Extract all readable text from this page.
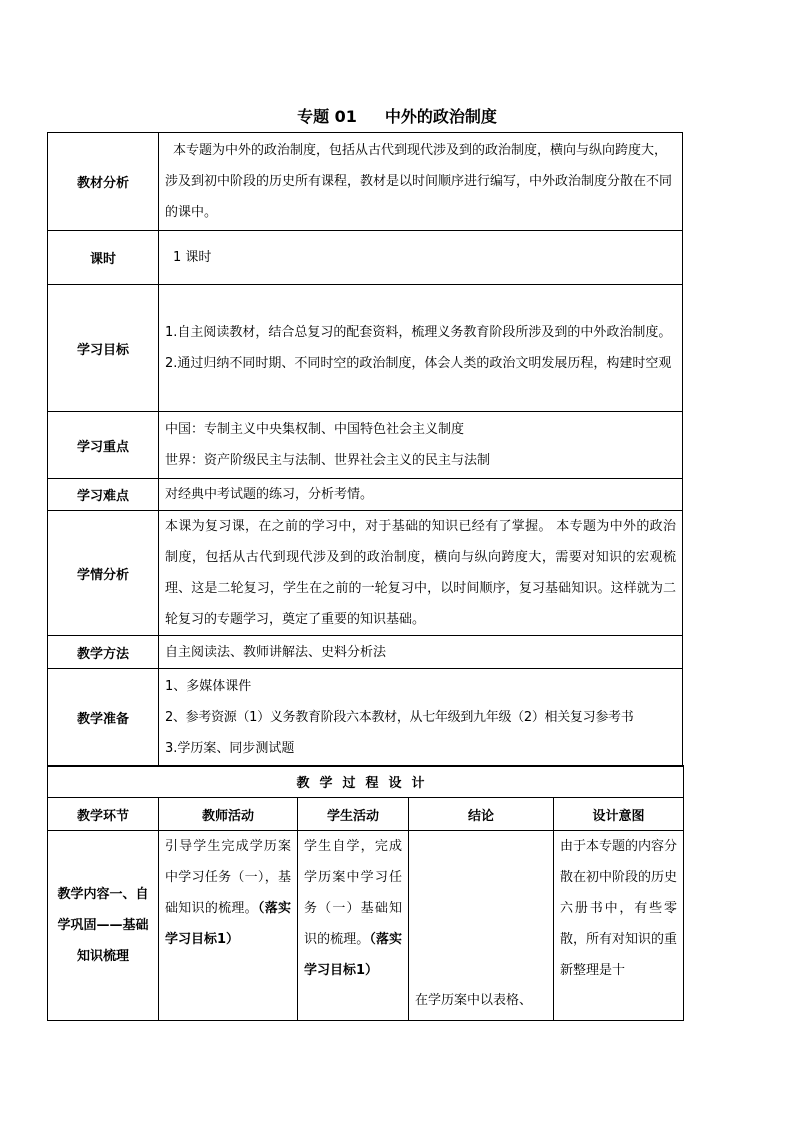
专题 01 中外的政治制度
教材分析	本专题为中外的政治制度，包括从古代到现代涉及到的政治制度，横向与纵向跨度大，涉及到初中阶段的历史所有课程，教材是以时间顺序进行编写，中外政治制度分散在不同的课中。

课时	1 课时

学习目标	1.自主阅读教材，结合总复习的配套资料，梳理义务教育阶段所涉及到的中外政治制度。
2.通过归纳不同时期、不同时空的政治制度，体会人类的政治文明发展历程，构建时空观

学习重点	中国：专制主义中央集权制、中国特色社会主义制度
世界：资产阶级民主与法制、世界社会主义的民主与法制

学习难点	对经典中考试题的练习，分析考情。

学情分析	本课为复习课，在之前的学习中，对于基础的知识已经有了掌握。 本专题为中外的政治制度，包括从古代到现代涉及到的政治制度，横向与纵向跨度大，需要对知识的宏观梳理、这是二轮复习，学生在之前的一轮复习中，以时间顺序，复习基础知识。这样就为二轮复习的专题学习，奠定了重要的知识基础。

教学方法	自主阅读法、教师讲解法、史料分析法

教学准备	1、多媒体课件
2、参考资源（1）义务教育阶段六本教材，从七年级到九年级（2）相关复习参考书
3.学历案、同步测试题
教学过程设计				
教学环节	教师活动	学生活动	结论	设计意图
教学内容一、自学巩固——基础知识梳理	引导学生完成学历案中学习任务（一），基础知识的梳理。（落实学习目标1）	学生自学，完成学历案中学习任务（一）基础知识的梳理。（落实学习目标1）	在学历案中以表格、	由于本专题的内容分散在初中阶段的历史六册书中，有些零散，所有对知识的重新整理是十
